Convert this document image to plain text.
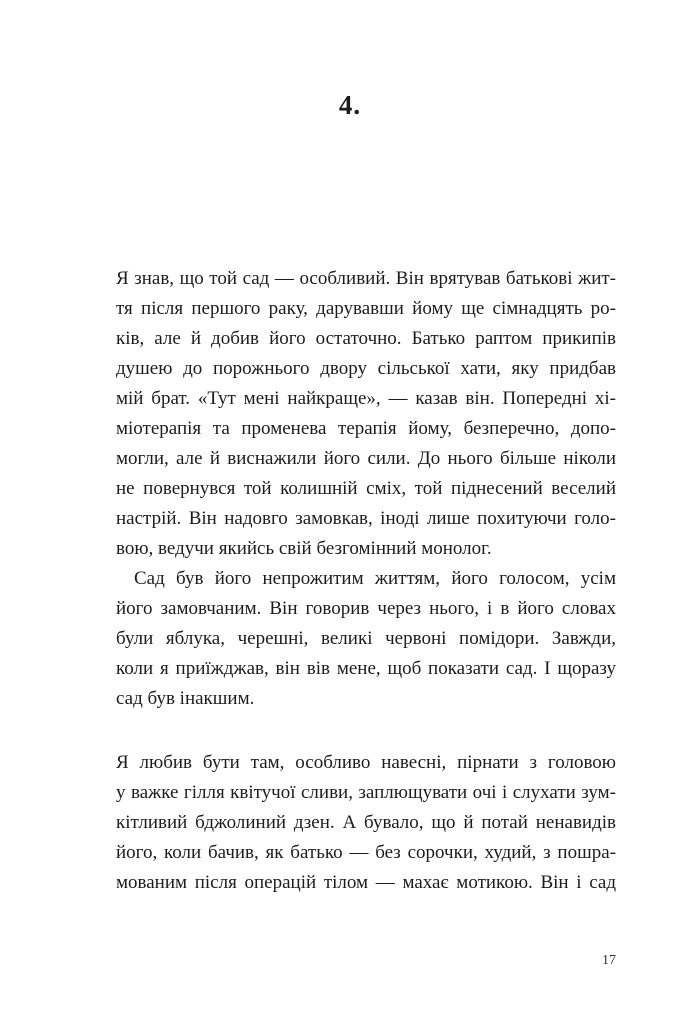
4.
Я знав, що той сад — особливий. Він врятував батькові жит-
тя після першого раку, дарувавши йому ще сімнадцять ро-
ків, але й добив його остаточно. Батько раптом прикипів
душею до порожнього двору сільської хати, яку придбав
мій брат. «Тут мені найкраще», — казав він. Попередні хі-
міотерапія та променева терапія йому, безперечно, допо-
могли, але й виснажили його сили. До нього більше ніколи
не повернувся той колишній сміх, той піднесений веселий
настрій. Він надовго замовкав, іноді лише похитуючи голо-
вою, ведучи якийсь свій безгомінний монолог.
Сад був його непрожитим життям, його голосом, усім
його замовчаним. Він говорив через нього, і в його словах
були яблука, черешні, великі червоні помідори. Завжди,
коли я приїжджав, він вів мене, щоб показати сад. І щоразу
сад був інакшим.
Я любив бути там, особливо навесні, пірнати з головою
у важке гілля квітучої сливи, заплющувати очі і слухати зум-
кітливий бджолиний дзен. А бувало, що й потай ненавидів
його, коли бачив, як батько — без сорочки, худий, з пошра-
мованим після операцій тілом — махає мотикою. Він і сад
17
